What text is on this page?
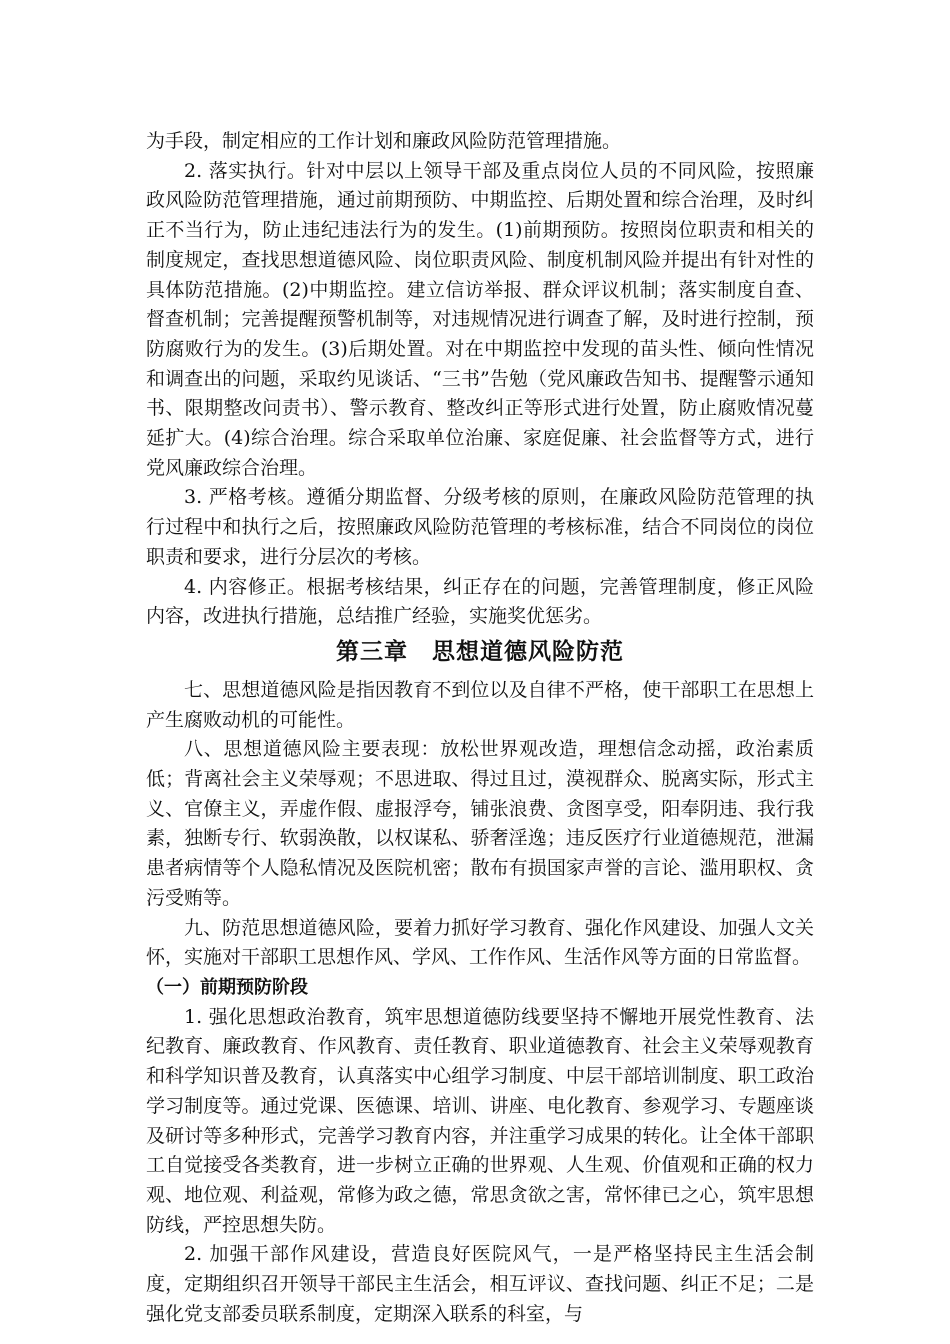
为手段，制定相应的工作计划和廉政风险防范管理措施。

2. 落实执行。针对中层以上领导干部及重点岗位人员的不同风险，按照廉政风险防范管理措施，通过前期预防、中期监控、后期处置和综合治理，及时纠正不当行为，防止违纪违法行为的发生。(1)前期预防。按照岗位职责和相关的制度规定，查找思想道德风险、岗位职责风险、制度机制风险并提出有针对性的具体防范措施。(2)中期监控。建立信访举报、群众评议机制；落实制度自查、督查机制；完善提醒预警机制等，对违规情况进行调查了解，及时进行控制，预防腐败行为的发生。(3)后期处置。对在中期监控中发现的苗头性、倾向性情况和调查出的问题，采取约见谈话、“三书”告勉（党风廉政告知书、提醒警示通知书、限期整改问责书）、警示教育、整改纠正等形式进行处置，防止腐败情况蔓延扩大。(4)综合治理。综合采取单位治廉、家庭促廉、社会监督等方式，进行党风廉政综合治理。

3. 严格考核。遵循分期监督、分级考核的原则，在廉政风险防范管理的执行过程中和执行之后，按照廉政风险防范管理的考核标准，结合不同岗位的岗位职责和要求，进行分层次的考核。

4. 内容修正。根据考核结果，纠正存在的问题，完善管理制度，修正风险内容，改进执行措施，总结推广经验，实施奖优惩劣。

第三章　思想道德风险防范

七、思想道德风险是指因教育不到位以及自律不严格，使干部职工在思想上产生腐败动机的可能性。

八、思想道德风险主要表现：放松世界观改造，理想信念动摇，政治素质低；背离社会主义荣辱观；不思进取、得过且过，漠视群众、脱离实际，形式主义、官僚主义，弄虚作假、虚报浮夸，铺张浪费、贪图享受，阳奉阴违、我行我素，独断专行、软弱涣散，以权谋私、骄奢淫逸；违反医疗行业道德规范，泄漏患者病情等个人隐私情况及医院机密；散布有损国家声誉的言论、滥用职权、贪污受贿等。

九、防范思想道德风险，要着力抓好学习教育、强化作风建设、加强人文关怀，实施对干部职工思想作风、学风、工作作风、生活作风等方面的日常监督。

（一）前期预防阶段

1. 强化思想政治教育，筑牢思想道德防线要坚持不懈地开展党性教育、法纪教育、廉政教育、作风教育、责任教育、职业道德教育、社会主义荣辱观教育和科学知识普及教育，认真落实中心组学习制度、中层干部培训制度、职工政治学习制度等。通过党课、医德课、培训、讲座、电化教育、参观学习、专题座谈及研讨等多种形式，完善学习教育内容，并注重学习成果的转化。让全体干部职工自觉接受各类教育，进一步树立正确的世界观、人生观、价值观和正确的权力观、地位观、利益观，常修为政之德，常思贪欲之害，常怀律已之心，筑牢思想防线，严控思想失防。

2. 加强干部作风建设，营造良好医院风气，一是严格坚持民主生活会制度，定期组织召开领导干部民主生活会，相互评议、查找问题、纠正不足；二是强化党支部委员联系制度，定期深入联系的科室，与
